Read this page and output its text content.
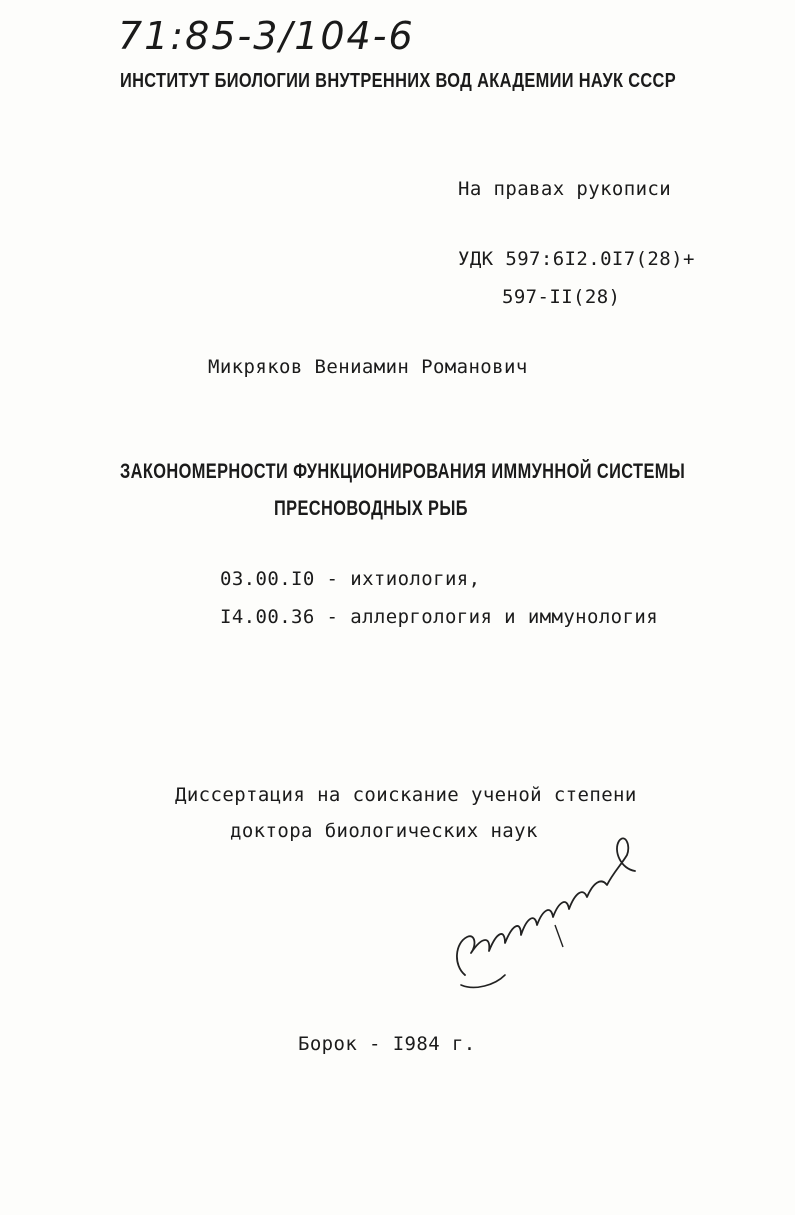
71:85-3/104-6
ИНСТИТУТ БИОЛОГИИ ВНУТРЕННИХ ВОД АКАДЕМИИ НАУК СССР
На правах рукописи
УДК 597:6I2.0I7(28)+
597-II(28)
Микряков Вениамин Романович
ЗАКОНОМЕРНОСТИ ФУНКЦИОНИРОВАНИЯ ИММУННОЙ СИСТЕМЫ
ПРЕСНОВОДНЫХ РЫБ
03.00.I0 - ихтиология,
I4.00.36 - аллергология и иммунология
Диссертация на соискание ученой степени
доктора биологических наук
Борок - I984 г.
